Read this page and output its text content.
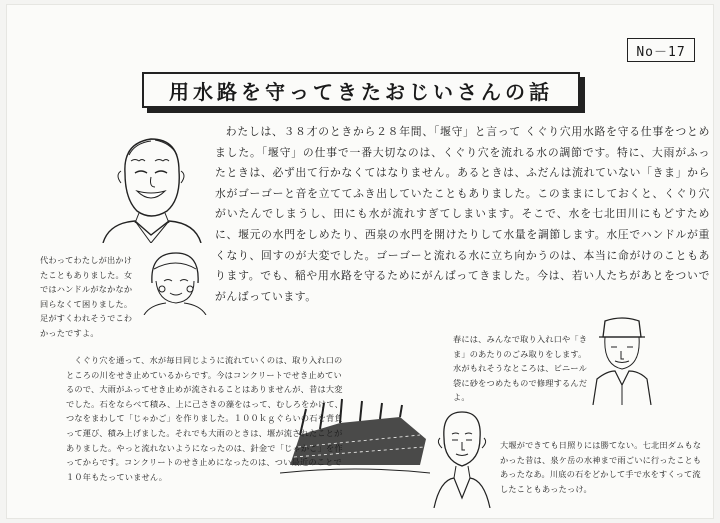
No－17
用水路を守ってきたおじいさんの話

わたしは、３８才のときから２８年間、「堰守」と言って くぐり穴用水路を守る仕事をつとめました。「堰守」の仕事で一番大切なのは、くぐり穴を流れる水の調節です。特に、大雨がふったときは、必ず出て行かなくてはなりません。あるときは、ふだんは流れていない「きま」から水がゴーゴーと音を立ててふき出していたこともありました。このままにしておくと、くぐり穴がいたんでしまうし、田にも水が流れすぎてしまいます。そこで、水を七北田川にもどすために、堰元の水門をしめたり、西泉の水門を開けたりして水量を調節します。水圧でハンドルが重くなり、回すのが大変でした。ゴーゴーと流れる水に立ち向かうのは、本当に命がけのこともあります。でも、稲や用水路を守るためにがんばってきました。今は、若い人たちがあとをついでがんばっています。

代わってわたしが出かけたこともありました。女ではハンドルがなかなか回らなくて困りました。足がすくわれそうでこわかったですよ。

春には、みんなで取り入れ口や「きま」のあたりのごみ取りをします。水がもれそうなところは、ビニール袋に砂をつめたもので修理するんだよ。

くぐり穴を通って、水が毎日同じように流れていくのは、取り入れ口のところの川をせき止めているからです。今はコンクリートでせき止めているので、大雨がふってせき止めが流されることはありませんが、昔は大変でした。石をならべて積み、上に己さきの藻をはって、むしろをかけて、つなをまわして「じゃかご」を作りました。１００ｋｇぐらいの石を背負って運び、積み上げました。それでも大雨のときは、堰が流されたことがありました。やっと流れないようになったのは、針金で「じゃかご」を作ってからです。コンクリートのせき止めになったのは、つい最近のことで１０年もたっていません。

大堰ができても日照りには勝てない。七北田ダムもなかった昔は、泉ケ岳の水神まで雨ごいに行ったこともあったなあ。川底の石をどかして手で水をすくって流したこともあったっけ。
